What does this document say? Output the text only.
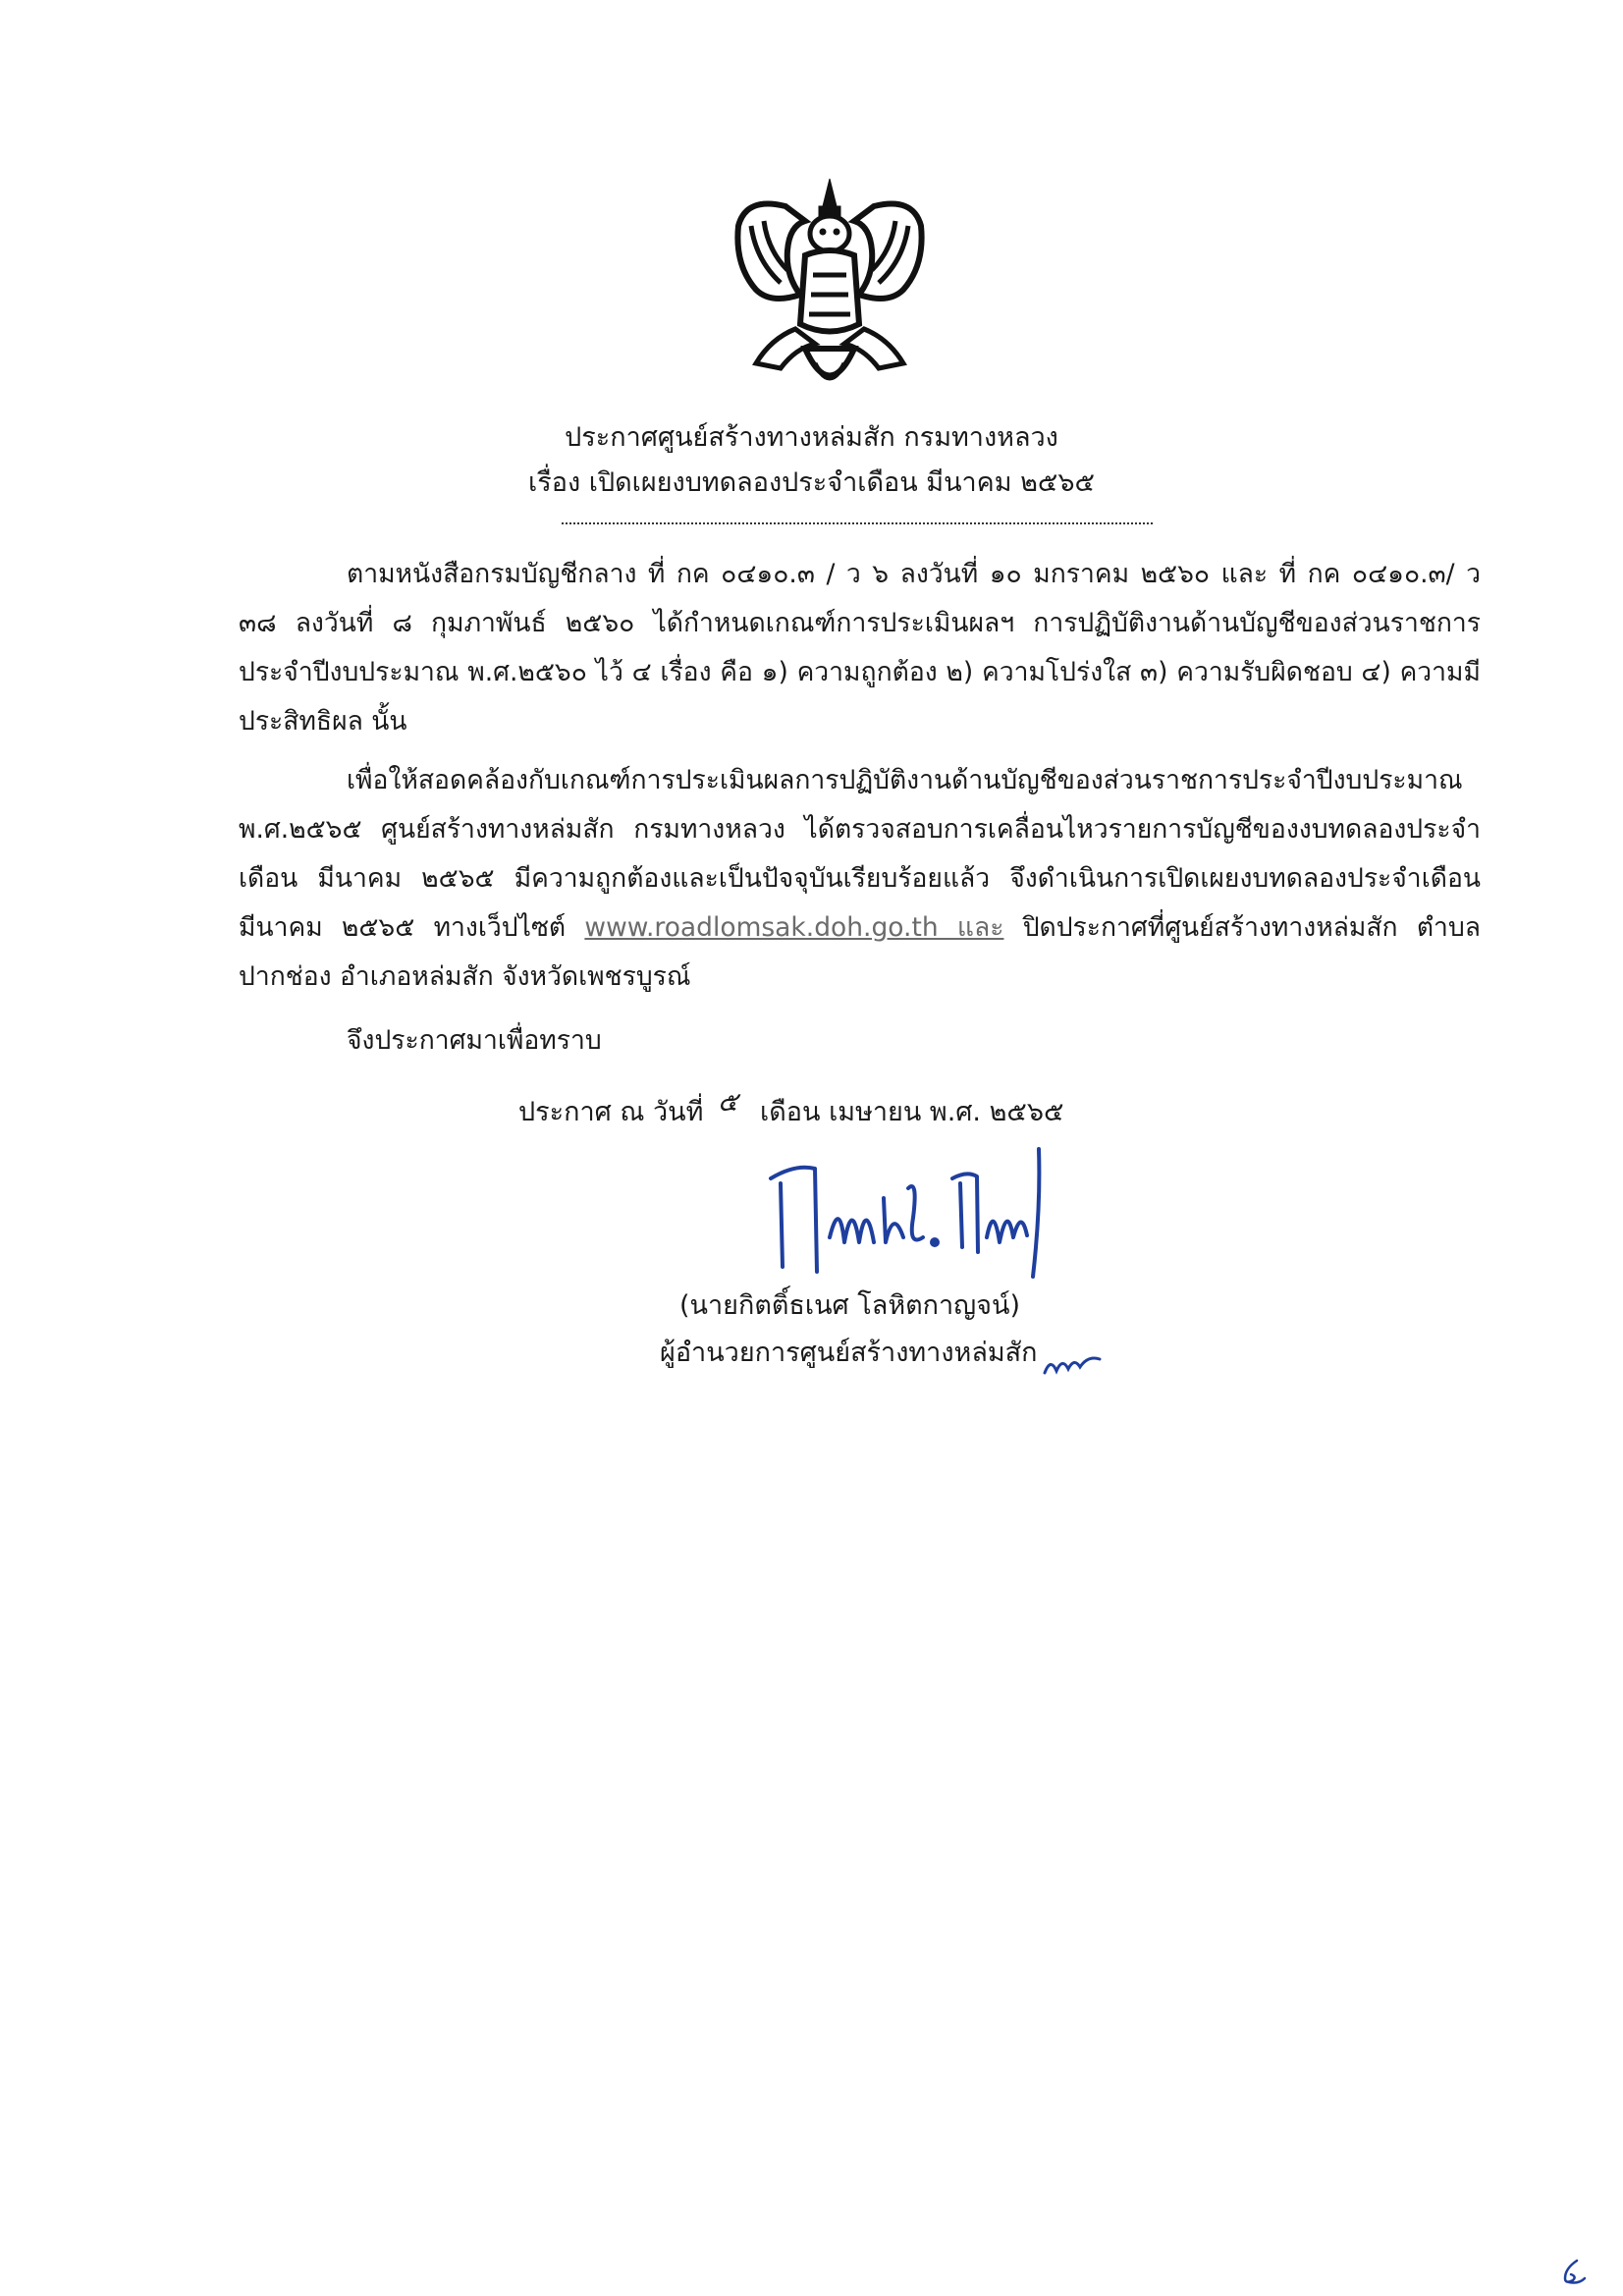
ประกาศศูนย์สร้างทางหล่มสัก กรมทางหลวง
เรื่อง เปิดเผยงบทดลองประจำเดือน มีนาคม ๒๕๖๕
ตามหนังสือกรมบัญชีกลาง ที่ กค ๐๔๑๐.๓ / ว ๖ ลงวันที่ ๑๐ มกราคม ๒๕๖๐ และ ที่ กค ๐๔๑๐.๓/ ว ๓๘ ลงวันที่ ๘ กุมภาพันธ์ ๒๕๖๐ ได้กำหนดเกณฑ์การประเมินผลฯ การปฏิบัติงานด้านบัญชีของส่วนราชการประจำปีงบประมาณ พ.ศ.๒๕๖๐ ไว้ ๔ เรื่อง คือ ๑) ความถูกต้อง ๒) ความโปร่งใส ๓) ความรับผิดชอบ ๔) ความมีประสิทธิผล นั้น
เพื่อให้สอดคล้องกับเกณฑ์การประเมินผลการปฏิบัติงานด้านบัญชีของส่วนราชการประจำปีงบประมาณ พ.ศ.๒๕๖๕ ศูนย์สร้างทางหล่มสัก กรมทางหลวง ได้ตรวจสอบการเคลื่อนไหวรายการบัญชีของงบทดลองประจำเดือน มีนาคม ๒๕๖๕ มีความถูกต้องและเป็นปัจจุบันเรียบร้อยแล้ว จึงดำเนินการเปิดเผยงบทดลองประจำเดือน มีนาคม ๒๕๖๕ ทางเว็ปไซต์ www.roadlomsak.doh.go.th และ ปิดประกาศที่ศูนย์สร้างทางหล่มสัก ตำบลปากช่อง อำเภอหล่มสัก จังหวัดเพชรบูรณ์
จึงประกาศมาเพื่อทราบ
ประกาศ ณ วันที่ ๕ เดือน เมษายน พ.ศ. ๒๕๖๕
(นายกิตติ์ธเนศ โลหิตกาญจน์)
ผู้อำนวยการศูนย์สร้างทางหล่มสัก
